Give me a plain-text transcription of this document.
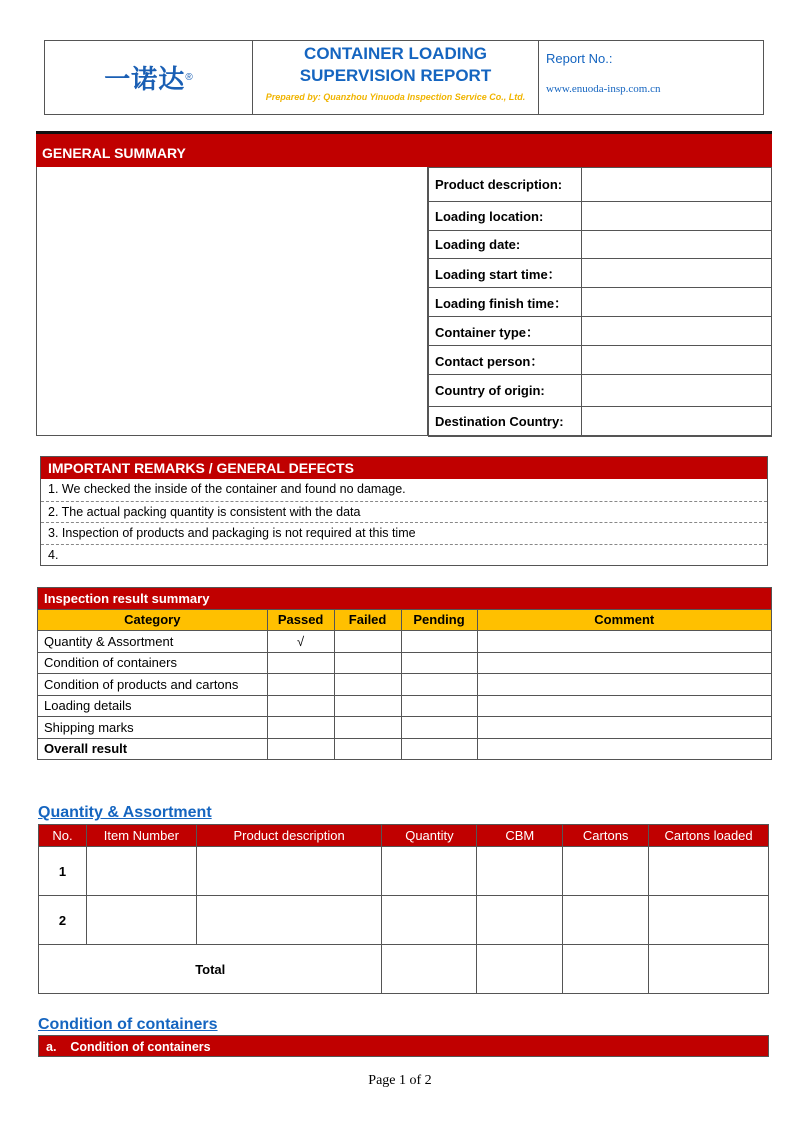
一诺达 ®
CONTAINER LOADING
SUPERVISION REPORT
Prepared by: Quanzhou Yinuoda Inspection Service Co., Ltd.
Report No.:
www.enuoda-insp.com.cn
GENERAL SUMMARY
Product description:	
Loading location:	
Loading date:	
Loading start time：	
Loading finish time：	
Container type：	
Contact person：	
Country of origin:	
Destination Country:	
IMPORTANT REMARKS / GENERAL DEFECTS
1. We checked the inside of the container and found no damage.
2. The actual packing quantity is consistent with the data
3. Inspection of products and packaging is not required at this time
4.
Inspection result summary				
Category	Passed	Failed	Pending	Comment
Quantity & Assortment	√			
Condition of containers				
Condition of products and cartons				
Loading details				
Shipping marks				
Overall result				
Quantity & Assortment
No.	Item Number	Product description	Quantity	CBM	Cartons	Cartons loaded
1						
2						
Total						
Condition of containers
a.    Condition of containers
Page 1 of 2
